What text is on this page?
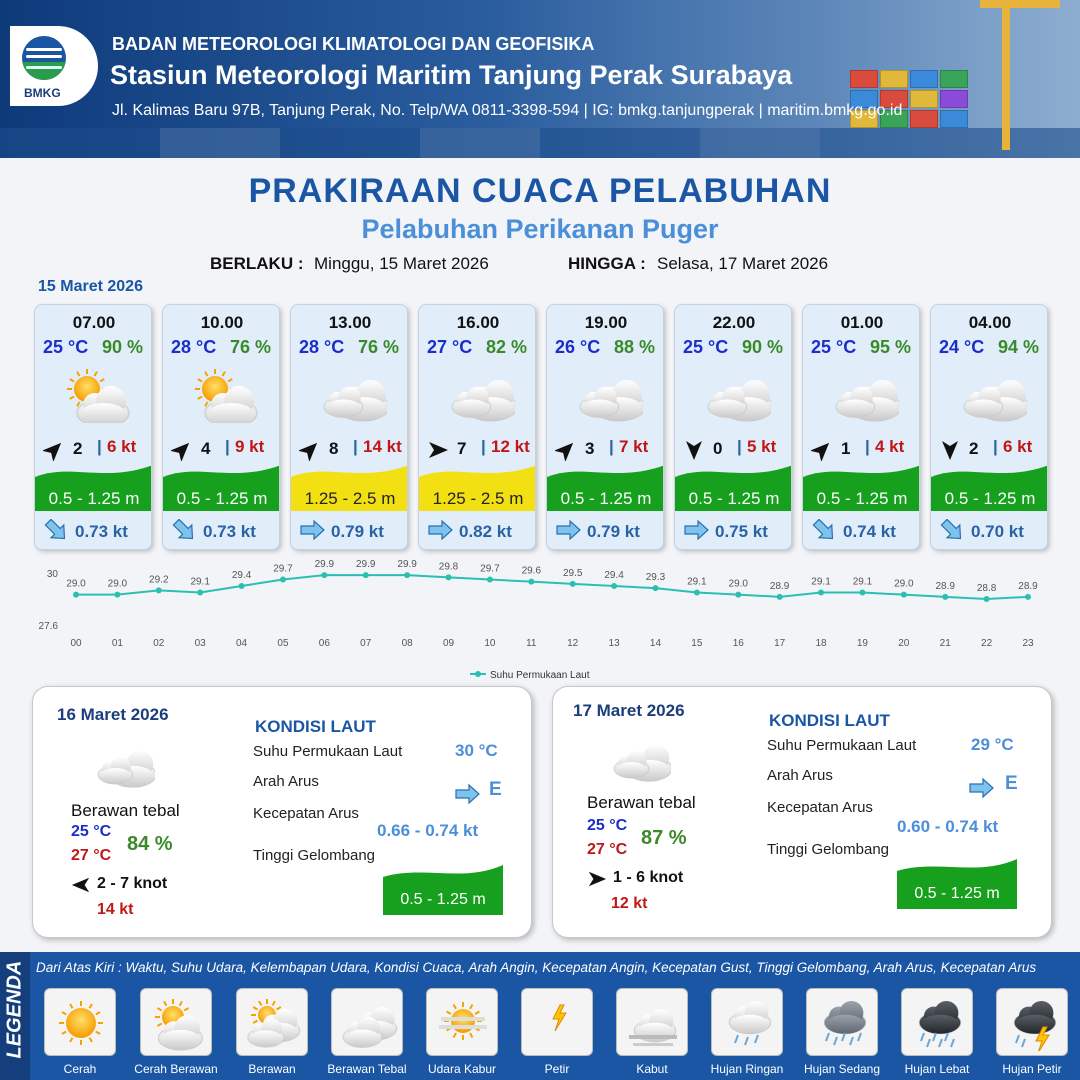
BMKG
BADAN METEOROLOGI KLIMATOLOGI DAN GEOFISIKA
Stasiun Meteorologi Maritim Tanjung Perak Surabaya
Jl. Kalimas Baru 97B, Tanjung Perak, No. Telp/WA 0811-3398-594 | IG: bmkg.tanjungperak | maritim.bmkg.go.id
PRAKIRAAN CUACA PELABUHAN
Pelabuhan Perikanan Puger
BERLAKU : Minggu, 15 Maret 2026	HINGGA : Selasa, 17 Maret 2026
15 Maret 2026
07.00
25 °C 90 %
2 | 6 kt
0.5 - 1.25 m
0.73 kt
10.00
28 °C 76 %
4 | 9 kt
0.5 - 1.25 m
0.73 kt
13.00
28 °C 76 %
8 | 14 kt
1.25 - 2.5 m
0.79 kt
16.00
27 °C 82 %
7 | 12 kt
1.25 - 2.5 m
0.82 kt
19.00
26 °C 88 %
3 | 7 kt
0.5 - 1.25 m
0.79 kt
22.00
25 °C 90 %
0 | 5 kt
0.5 - 1.25 m
0.75 kt
01.00
25 °C 95 %
1 | 4 kt
0.5 - 1.25 m
0.74 kt
04.00
24 °C 94 %
2 | 6 kt
0.5 - 1.25 m
0.70 kt
30
27.6
29.0
00
29.0
01
29.2
02
29.1
03
29.4
04
29.7
05
29.9
06
29.9
07
29.9
08
29.8
09
29.7
10
29.6
11
29.5
12
29.4
13
29.3
14
29.1
15
29.0
16
28.9
17
29.1
18
29.1
19
29.0
20
28.9
21
28.8
22
28.9
23
Suhu Permukaan Laut
16 Maret 2026
Berawan tebal
25 °C
27 °C
84 %
2 - 7 knot
14 kt
KONDISI LAUT
Suhu Permukaan Laut	30 °C
Arah Arus	E
Kecepatan Arus
0.66 - 0.74 kt
Tinggi Gelombang
0.5 - 1.25 m
17 Maret 2026
Berawan tebal
25 °C
27 °C
87 %
1 - 6 knot
12 kt
KONDISI LAUT
Suhu Permukaan Laut	29 °C
Arah Arus	E
Kecepatan Arus
0.60 - 0.74 kt
Tinggi Gelombang
0.5 - 1.25 m
LEGENDA Dari Atas Kiri : Waktu, Suhu Udara, Kelembapan Udara, Kondisi Cuaca, Arah Angin, Kecepatan Angin, Kecepatan Gust, Tinggi Gelombang, Arah Arus, Kecepatan Arus
Cerah	Cerah Berawan	Berawan	Berawan Tebal	Udara Kabur	Petir	Kabut	Hujan Ringan	Hujan Sedang	Hujan Lebat	Hujan Petir
